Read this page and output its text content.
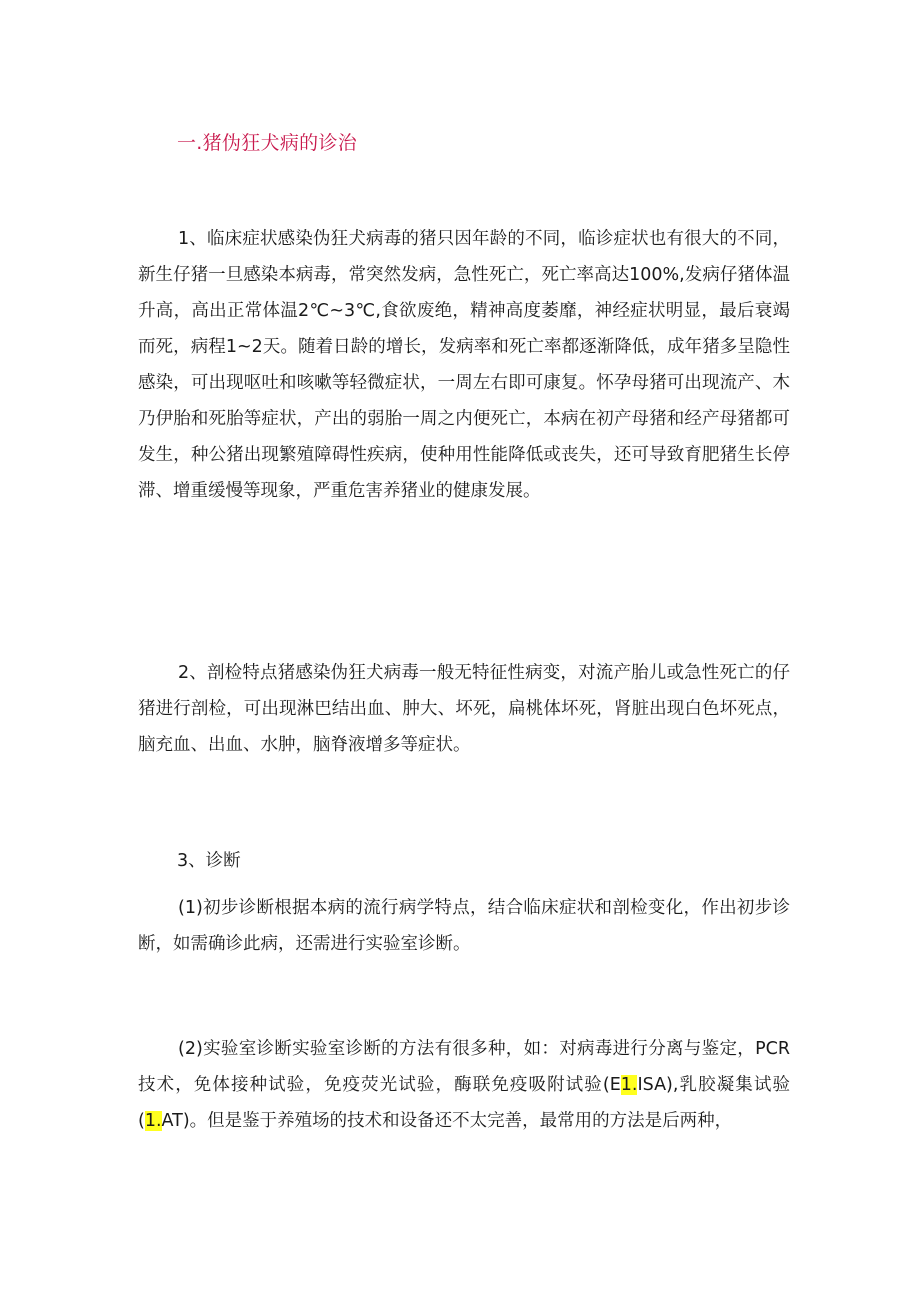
一.猪伪狂犬病的诊治

1、临床症状感染伪狂犬病毒的猪只因年龄的不同，临诊症状也有很大的不同，新生仔猪一旦感染本病毒，常突然发病，急性死亡，死亡率高达100%,发病仔猪体温升高，高出正常体温2℃~3℃,食欲废绝，精神高度萎靡，神经症状明显，最后衰竭而死，病程1~2天。随着日龄的增长，发病率和死亡率都逐渐降低，成年猪多呈隐性感染，可出现呕吐和咳嗽等轻微症状，一周左右即可康复。怀孕母猪可出现流产、木乃伊胎和死胎等症状，产出的弱胎一周之内便死亡，本病在初产母猪和经产母猪都可发生，种公猪出现繁殖障碍性疾病，使种用性能降低或丧失，还可导致育肥猪生长停滞、增重缓慢等现象，严重危害养猪业的健康发展。

2、剖检特点猪感染伪狂犬病毒一般无特征性病变，对流产胎儿或急性死亡的仔猪进行剖检，可出现淋巴结出血、肿大、坏死，扁桃体坏死，肾脏出现白色坏死点，脑充血、出血、水肿，脑脊液增多等症状。

3、诊断

(1)初步诊断根据本病的流行病学特点，结合临床症状和剖检变化，作出初步诊断，如需确诊此病，还需进行实验室诊断。

(2)实验室诊断实验室诊断的方法有很多种，如：对病毒进行分离与鉴定，PCR技术，免体接种试验，免疫荧光试验，酶联免疫吸附试验(E1.ISA),乳胶凝集试验(1.AT)。但是鉴于养殖场的技术和设备还不太完善，最常用的方法是后两种，
